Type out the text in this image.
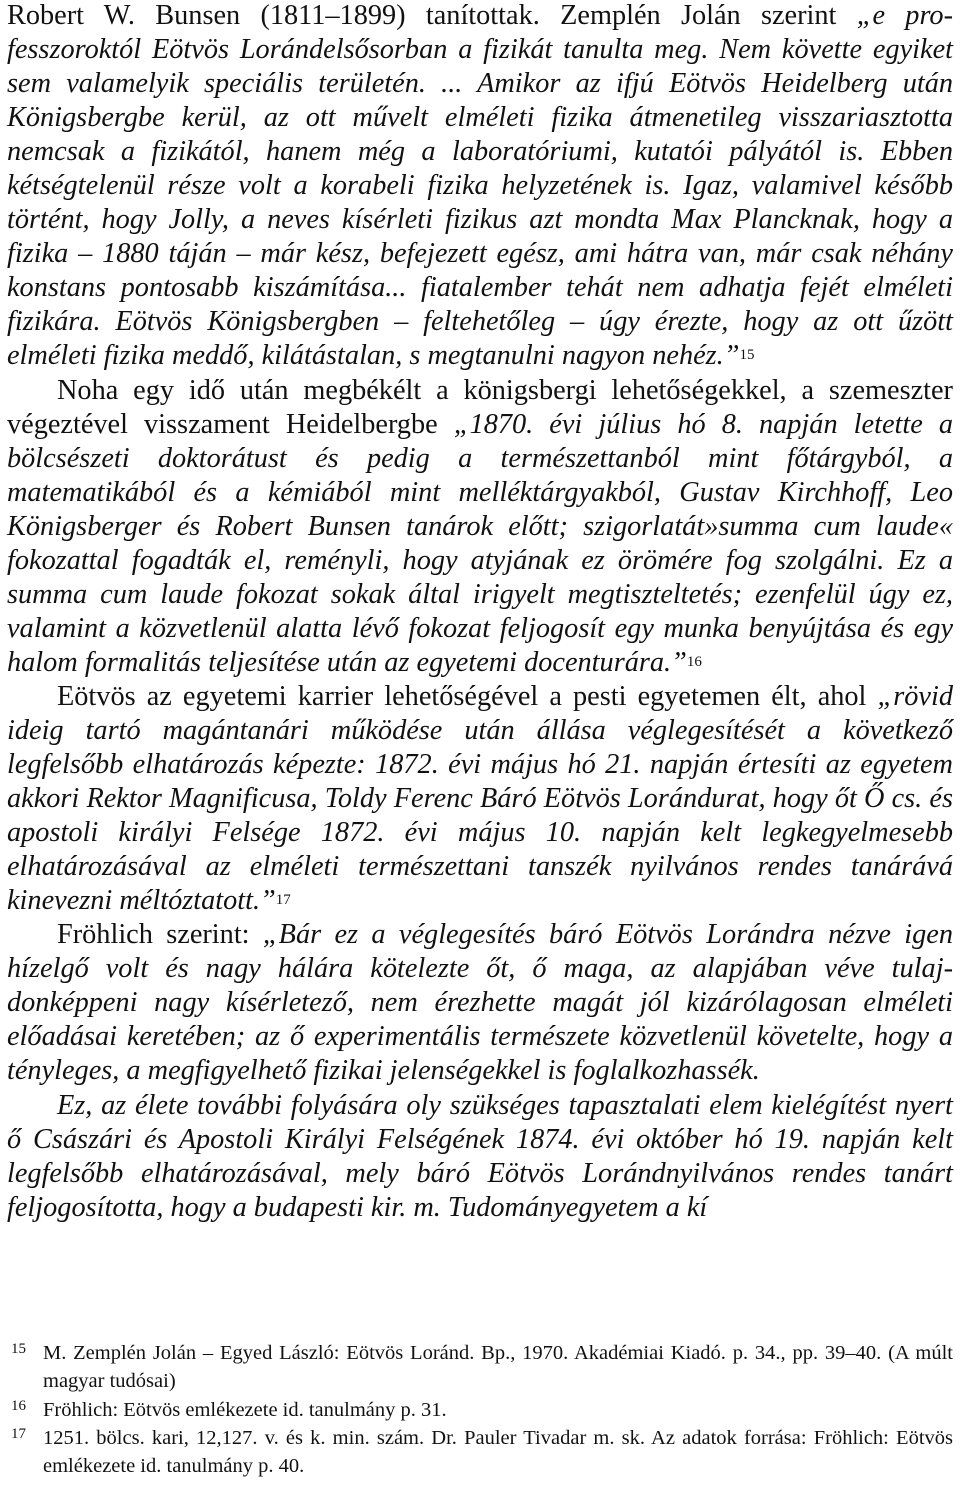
Robert W. Bunsen (1811–1899) tanítottak. Zemplén Jolán szerint „e professzoroktól Eötvös Lorándelsősorban a fizikát tanulta meg. Nem követte egyiket sem valamelyik speciális területén. ... Amikor az ifjú Eötvös Heidelberg után Königsbergbe kerül, az ott művelt elméleti fizika átmenetileg visszariasztotta nemcsak a fizikától, hanem még a laboratóriumi, kutatói pályától is. Ebben kétségtelenül része volt a korabeli fizika helyzetének is. Igaz, valamivel később történt, hogy Jolly, a neves kísérleti fizikus azt mondta Max Plancknak, hogy a fizika – 1880 táján – már kész, befejezett egész, ami hátra van, már csak néhány konstans pontosabb kiszámítása... fiatalember tehát nem adhatja fejét elméleti fizikára. Eötvös Königsbergben – feltehetőleg – úgy érezte, hogy az ott űzött elméleti fizika meddő, kilátástalan, s megtanulni nagyon nehéz.”$^{15}$

Noha egy idő után megbékélt a königsbergi lehetőségekkel, a szemeszter végeztével visszament Heidelbergbe „1870. évi július hó 8. napján letette a bölcsészeti doktorátust és pedig a természettanból mint főtárgyból, a matematikából és a kémiából mint melléktárgyakból, Gustav Kirchhoff, Leo Königsberger és Robert Bunsen tanárok előtt; szigorlatát»summa cum laude« fokozattal fogadták el, reményli, hogy atyjának ez örömére fog szolgálni. Ez a summa cum laude fokozat sokak által irigyelt megtiszteltetés; ezenfelül úgy ez, valamint a közvetlenül alatta lévő fokozat feljogosít egy munka benyújtása és egy halom formalitás teljesítése után az egyetemi docenturára.”$^{16}$

Eötvös az egyetemi karrier lehetőségével a pesti egyetemen élt, ahol „rövid ideig tartó magántanári működése után állása véglegesítését a következő legfelsőbb elhatározás képezte: 1872. évi május hó 21. napján értesíti az egyetem akkori Rektor Magnificusa, Toldy Ferenc Báró Eötvös Lorándurat, hogy őt Ő cs. és apostoli királyi Felsége 1872. évi május 10. napján kelt legkegyelmesebb elhatározásával az elméleti természettani tanszék nyilvános rendes tanárává kinevezni méltóztatott.”$^{17}$

Fröhlich szerint: „Bár ez a véglegesítés báró Eötvös Lorándra nézve igen hízelgő volt és nagy hálára kötelezte őt, ő maga, az alapjában véve tulajdonképpeni nagy kísérletező, nem érezhette magát jól kizárólagosan elméleti előadásai keretében; az ő experimentális természete közvetlenül követelte, hogy a tényleges, a megfigyelhető fizikai jelenségekkel is foglalkozhassék.

Ez, az élete további folyására oly szükséges tapasztalati elem kielégítést nyert ő Császári és Apostoli Királyi Felségének 1874. évi október hó 19. napján kelt legfelsőbb elhatározásával, mely báró Eötvös Lorándnyilvános rendes tanárt feljogosította, hogy a budapesti kir. m. Tudományegyetem a kí

15 M. Zemplén Jolán – Egyed László: Eötvös Loránd. Bp., 1970. Akadémiai Kiadó. p. 34., pp. 39–40. (A múlt magyar tudósai)
16 Fröhlich: Eötvös emlékezete id. tanulmány p. 31.
17 1251. bölcs. kari, 12,127. v. és k. min. szám. Dr. Pauler Tivadar m. sk. Az adatok forrása: Fröhlich: Eötvös emlékezete id. tanulmány p. 40.
